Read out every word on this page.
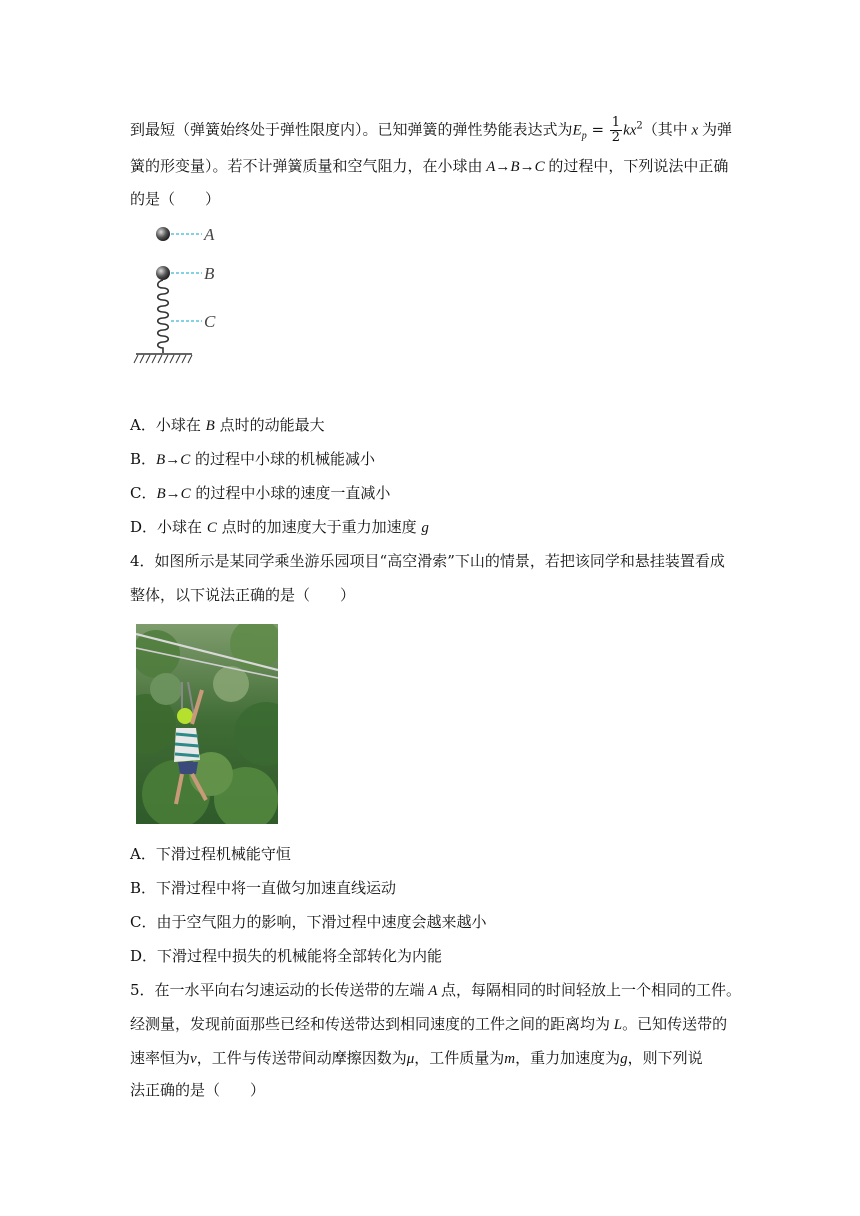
到最短（弹簧始终处于弹性限度内）。已知弹簧的弹性势能表达式为$E_p = \frac{1}{2} kx^2$（其中 x 为弹
簧的形变量）。若不计弹簧质量和空气阻力，在小球由 A→B→C 的过程中，下列说法中正确
的是（　　）
A
B
C
A．小球在 B 点时的动能最大
B．B→C 的过程中小球的机械能减小
C．B→C 的过程中小球的速度一直减小
D．小球在 C 点时的加速度大于重力加速度 g
4．如图所示是某同学乘坐游乐园项目“高空滑索”下山的情景，若把该同学和悬挂装置看成
整体，以下说法正确的是（　　）
A．下滑过程机械能守恒
B．下滑过程中将一直做匀加速直线运动
C．由于空气阻力的影响，下滑过程中速度会越来越小
D．下滑过程中损失的机械能将全部转化为内能
5．在一水平向右匀速运动的长传送带的左端 A 点，每隔相同的时间轻放上一个相同的工件。
经测量，发现前面那些已经和传送带达到相同速度的工件之间的距离均为 L。已知传送带的
速率恒为v，工件与传送带间动摩擦因数为μ，工件质量为m，重力加速度为g，则下列说
法正确的是（　　）
